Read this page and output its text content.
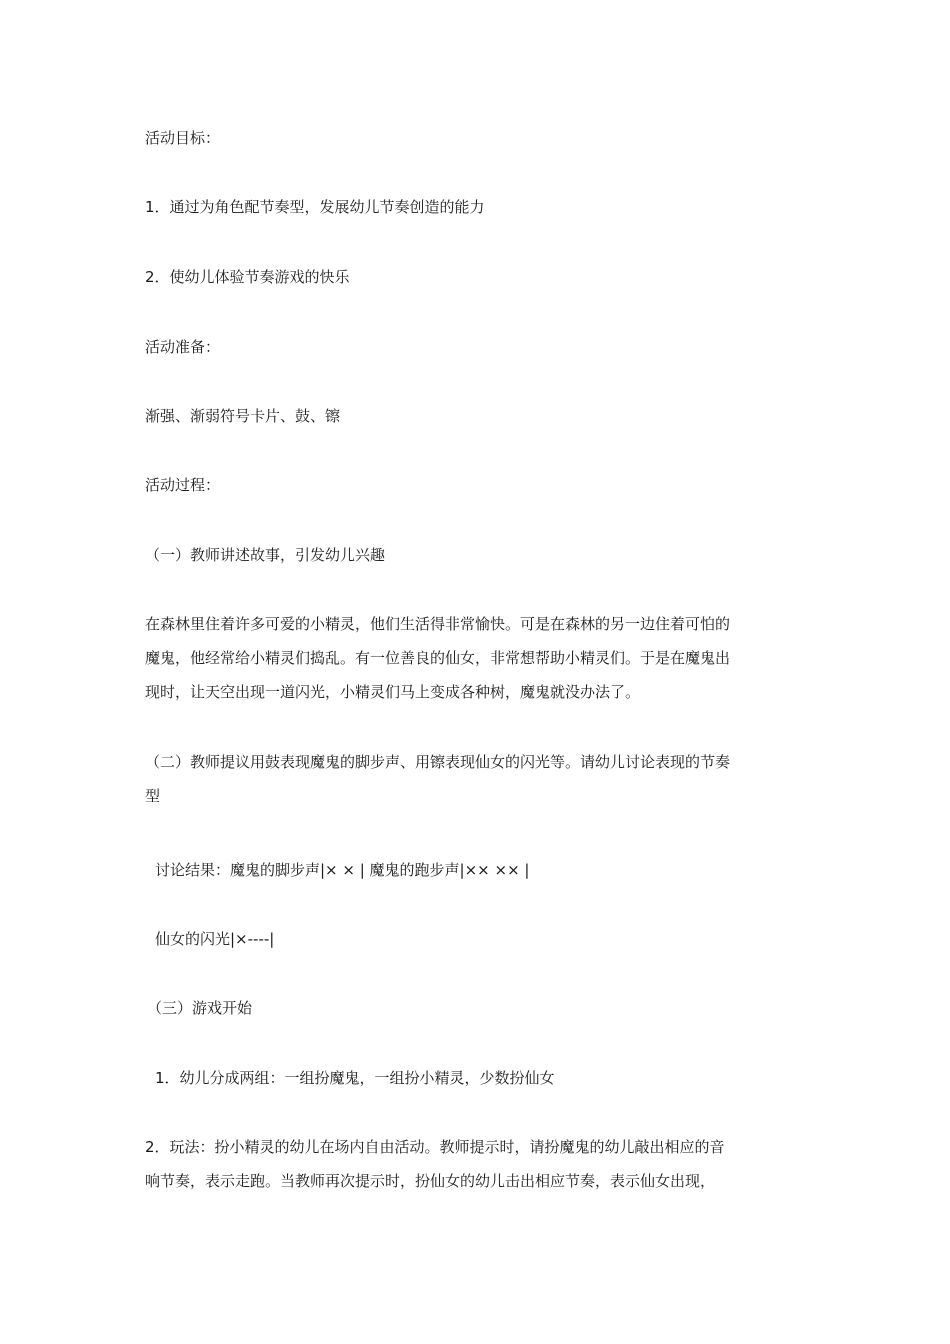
活动目标：
1．通过为角色配节奏型，发展幼儿节奏创造的能力
2．使幼儿体验节奏游戏的快乐
活动准备：
渐强、渐弱符号卡片、鼓、镲
活动过程：
（一）教师讲述故事，引发幼儿兴趣
在森林里住着许多可爱的小精灵，他们生活得非常愉快。可是在森林的另一边住着可怕的
魔鬼，他经常给小精灵们捣乱。有一位善良的仙女，非常想帮助小精灵们。于是在魔鬼出
现时，让天空出现一道闪光，小精灵们马上变成各种树，魔鬼就没办法了。
（二）教师提议用鼓表现魔鬼的脚步声、用镲表现仙女的闪光等。请幼儿讨论表现的节奏
型
讨论结果：魔鬼的脚步声|× × | 魔鬼的跑步声|×× ×× |
仙女的闪光|×----|
（三）游戏开始
1．幼儿分成两组：一组扮魔鬼，一组扮小精灵，少数扮仙女
2．玩法：扮小精灵的幼儿在场内自由活动。教师提示时，请扮魔鬼的幼儿敲出相应的音
响节奏，表示走跑。当教师再次提示时，扮仙女的幼儿击出相应节奏，表示仙女出现，
